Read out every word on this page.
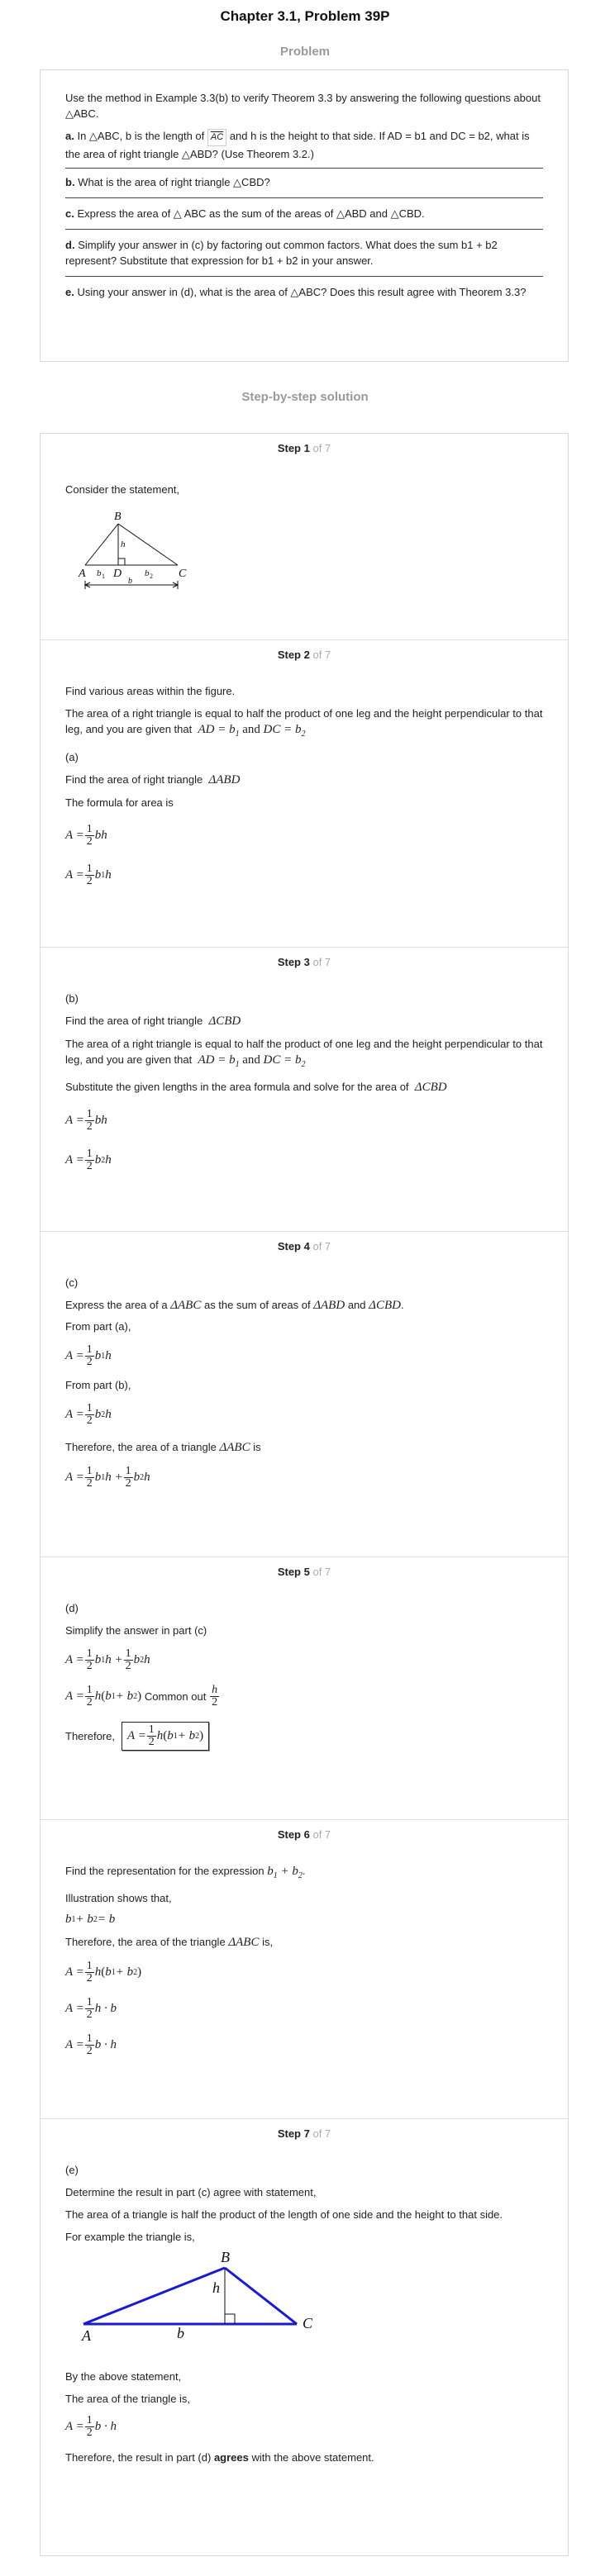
Chapter 3.1, Problem 39P
Problem

Use the method in Example 3.3(b) to verify Theorem 3.3 by answering the following questions about △ABC.

a. In △ABC, b is the length of $\overline{AC}$ and h is the height to that side. If AD = b1 and DC = b2, what is the area of right triangle △ABD? (Use Theorem 3.2.)

b. What is the area of right triangle △CBD?

c. Express the area of △ ABC as the sum of the areas of △ABD and △CBD.

d. Simplify your answer in (c) by factoring out common factors. What does the sum b1 + b2 represent? Substitute that expression for b1 + b2 in your answer.

e. Using your answer in (d), what is the area of △ABC? Does this result agree with Theorem 3.3?

Step-by-step solution
Step 1 of 7

Consider the statement,

B
A D	C
b 1	b 2
h
b
Step 2 of 7

Find various areas within the figure.

The area of a right triangle is equal to half the product of one leg and the height perpendicular to that leg, and you are given that AD = $b_1$ and DC = $b_2$

(a)

Find the area of right triangle ΔABD

The formula for area is

$A = \frac{1}{2}$ bh
$A = \frac{1}{2}$ b 1 h
Step 3 of 7

(b)

Find the area of right triangle ΔCBD

The area of a right triangle is equal to half the product of one leg and the height perpendicular to that leg, and you are given that AD = $b_1$ and DC = $b_2$

Substitute the given lengths in the area formula and solve for the area of ΔCBD

$A = \frac{1}{2}$ bh
$A = \frac{1}{2}$ b 2 h
Step 4 of 7

(c)

Express the area of a ΔABC as the sum of areas of ΔABD and ΔCBD.

From part (a),

$A = \frac{1}{2}$ b 1 h

From part (b),

$A = \frac{1}{2}$ b 2 h

Therefore, the area of a triangle ΔABC is

$A = \frac{1}{2}$ b 1 $h + \frac{1}{2}$ b 2 h
Step 5 of 7

(d)

Simplify the answer in part (c)

$A = \frac{1}{2}$ b 1 $h + \frac{1}{2}$ b 2 h
$A = \frac{1}{2}$ h ( b 1 + b 2 )
Common out
$\frac{h}{2}$
Therefore,	$A = \frac{1}{2}$ h ( b 1 + b 2 )
Step 6 of 7

Find the representation for the expression $b_1 + b_2$.

Illustration shows that,

b 1 + b 2 = b

Therefore, the area of the triangle ΔABC is,

$A = \frac{1}{2}$ h ( b 1 + b 2 )
$A = \frac{1}{2}$ h · b
$A = \frac{1}{2}$ b · h
Step 7 of 7

(e)

Determine the result in part (c) agree with statement,

The area of a triangle is half the product of the length of one side and the height to that side.

For example the triangle is,

B
A
C
b
h

By the above statement,

The area of the triangle is,

$A = \frac{1}{2}$ b · h

Therefore, the result in part (d) agrees with the above statement.
